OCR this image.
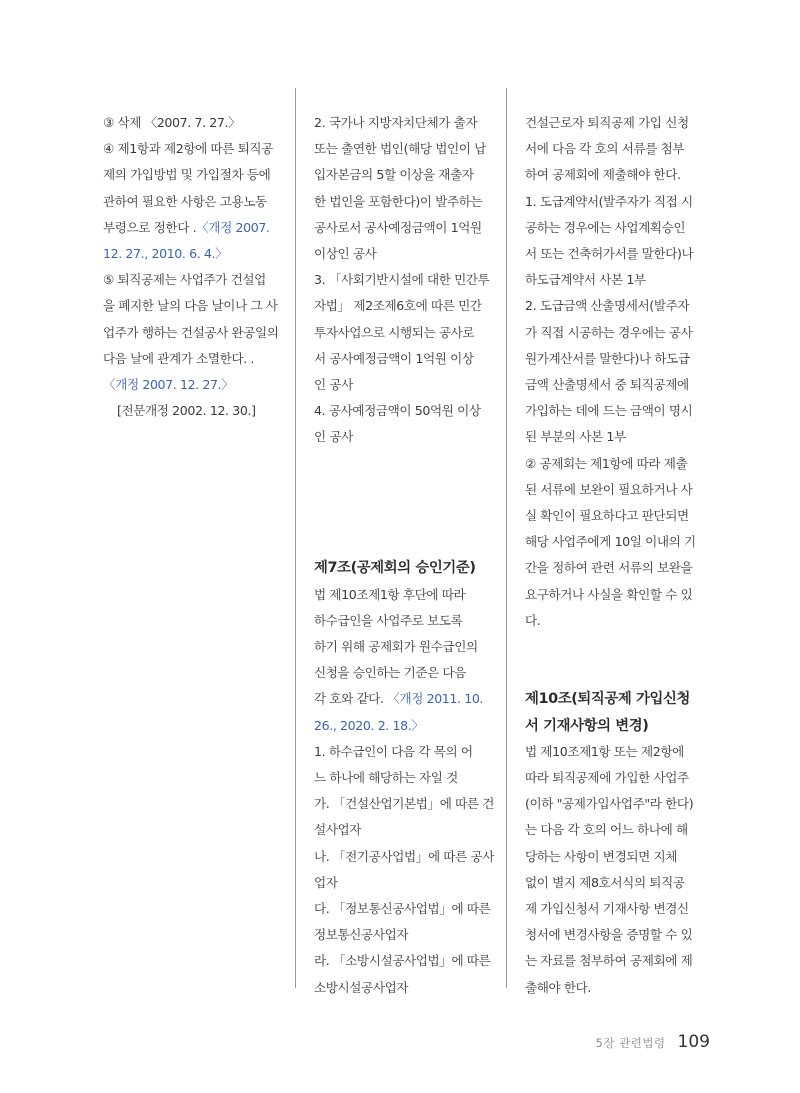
③ 삭제 〈2007. 7. 27.〉

④ 제1항과 제2항에 따른 퇴직공

제의 가입방법 및 가입절차 등에

관하여 필요한 사항은 고용노동

부령으로 정한다 .〈개정 2007.

12. 27., 2010. 6. 4.〉

⑤ 퇴직공제는 사업주가 건설업

을 폐지한 날의 다음 날이나 그 사

업주가 행하는 건설공사 완공일의

다음 날에 관계가 소멸한다. .

〈개정 2007. 12. 27.〉

[전문개정 2002. 12. 30.]

2. 국가나 지방자치단체가 출자

또는 출연한 법인(해당 법인이 납

입자본금의 5할 이상을 재출자

한 법인을 포함한다)이 발주하는

공사로서 공사예정금액이 1억원

이상인 공사

3. 「사회기반시설에 대한 민간투

자법」 제2조제6호에 따른 민간

투자사업으로 시행되는 공사로

서 공사예정금액이 1억원 이상

인 공사

4. 공사예정금액이 50억원 이상

인 공사

제7조(공제회의 승인기준)

법 제10조제1항 후단에 따라

하수급인을 사업주로 보도록

하기 위해 공제회가 원수급인의

신청을 승인하는 기준은 다음

각 호와 같다. 〈개정 2011. 10.

26., 2020. 2. 18.〉

1. 하수급인이 다음 각 목의 어

느 하나에 해당하는 자일 것

가. 「건설산업기본법」에 따른 건

설사업자

나. 「전기공사업법」에 따른 공사

업자

다. 「정보통신공사업법」에 따른

정보통신공사업자

라. 「소방시설공사업법」에 따른

소방시설공사업자

건설근로자 퇴직공제 가입 신청

서에 다음 각 호의 서류를 첨부

하여 공제회에 제출해야 한다.

1. 도급계약서(발주자가 직접 시

공하는 경우에는 사업계획승인

서 또는 건축허가서를 말한다)나

하도급계약서 사본 1부

2. 도급금액 산출명세서(발주자

가 직접 시공하는 경우에는 공사

원가계산서를 말한다)나 하도급

금액 산출명세서 중 퇴직공제에

가입하는 데에 드는 금액이 명시

된 부분의 사본 1부

② 공제회는 제1항에 따라 제출

된 서류에 보완이 필요하거나 사

실 확인이 필요하다고 판단되면

해당 사업주에게 10일 이내의 기

간을 정하여 관련 서류의 보완을

요구하거나 사실을 확인할 수 있

다.

제10조(퇴직공제 가입신청

서 기재사항의 변경)

법 제10조제1항 또는 제2항에

따라 퇴직공제에 가입한 사업주

(이하 "공제가입사업주"라 한다)

는 다음 각 호의 어느 하나에 해

당하는 사항이 변경되면 지체

없이 별지 제8호서식의 퇴직공

제 가입신청서 기재사항 변경신

청서에 변경사항을 증명할 수 있

는 자료를 첨부하여 공제회에 제

출해야 한다.

5장 관련법령 109
